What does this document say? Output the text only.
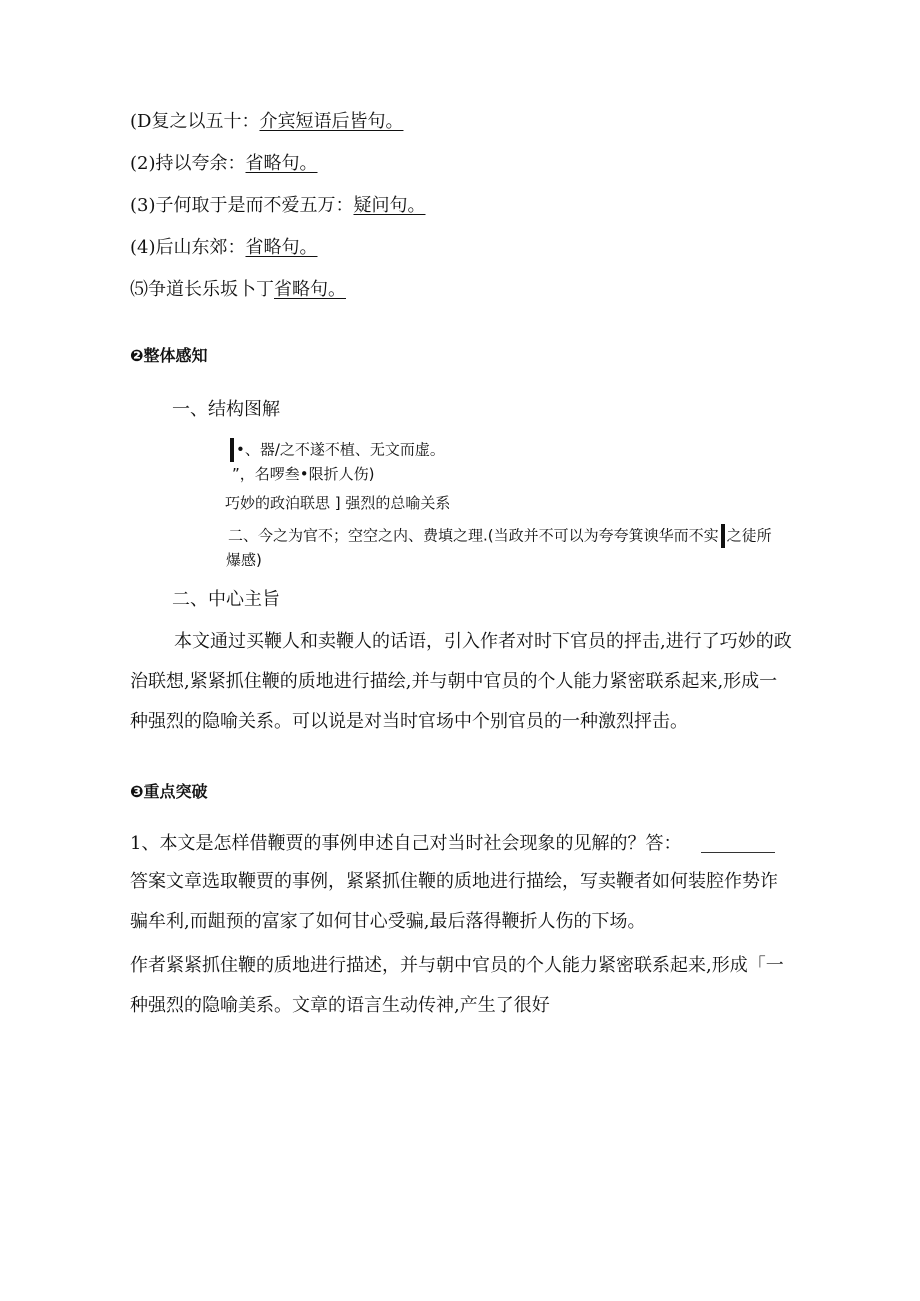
(D复之以五十：介宾短语后皆句。
(2)持以夸余：省略句。
(3)子何取于是而不爱五万：疑问句。
(4)后山东郊：省略句。
⑸争道长乐坂卜丁省略句。
❷整体感知
一、结构图解
•、器/之不遂不植、无文而虚。
”，名啰叁•限折人伤)
巧妙的政泊联思 ] 强烈的总喻关系
二、今之为官不；空空之内、费填之理.(当政并不可以为夸夸箕谀华而不实 之徒所
爆感)
二、中心主旨
本文通过买鞭人和卖鞭人的话语，引入作者对时下官员的抨击,进行了巧妙的政治联想,紧紧抓住鞭的质地进行描绘,并与朝中官员的个人能力紧密联系起来,形成一种强烈的隐喻关系。可以说是对当时官场中个别官员的一种激烈抨击。
❸重点突破
1、本文是怎样借鞭贾的事例申述自己对当时社会现象的见解的？答：
答案文章选取鞭贾的事例，紧紧抓住鞭的质地进行描绘，写卖鞭者如何装腔作势诈骗牟利,而龃预的富家了如何甘心受骗,最后落得鞭折人伤的下场。
作者紧紧抓住鞭的质地进行描述，并与朝中官员的个人能力紧密联系起来,形成「一种强烈的隐喻美系。文章的语言生动传神,产生了很好
